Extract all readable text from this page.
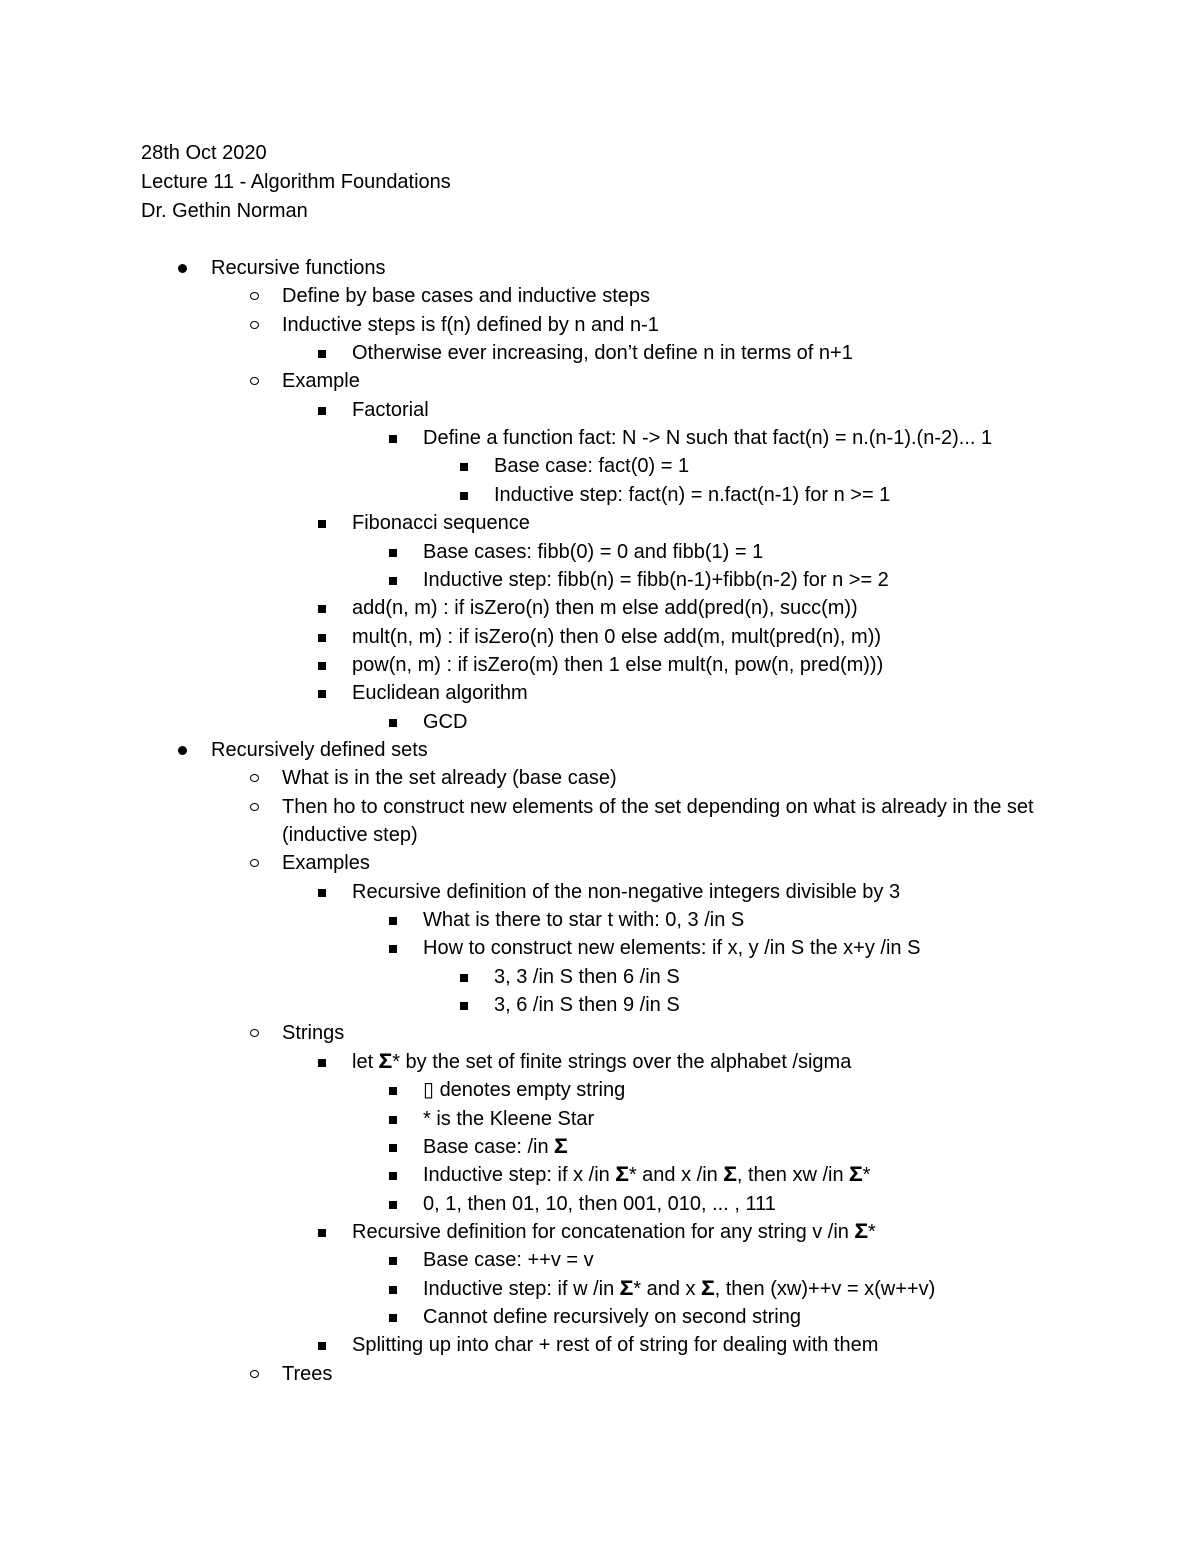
28th Oct 2020
Lecture 11 - Algorithm Foundations
Dr. Gethin Norman
Recursive functions
Define by base cases and inductive steps
Inductive steps is f(n) defined by n and n-1
Otherwise ever increasing, don’t define n in terms of n+1
Example
Factorial
Define a function fact: N -> N such that fact(n) = n.(n-1).(n-2)... 1
Base case: fact(0) = 1
Inductive step: fact(n) = n.fact(n-1) for n >= 1
Fibonacci sequence
Base cases: fibb(0) = 0 and fibb(1) = 1
Inductive step: fibb(n) = fibb(n-1)+fibb(n-2) for n >= 2
add(n, m) : if isZero(n) then m else add(pred(n), succ(m))
mult(n, m) : if isZero(n) then 0 else add(m, mult(pred(n), m))
pow(n, m) : if isZero(m) then 1 else mult(n, pow(n, pred(m)))
Euclidean algorithm
GCD
Recursively defined sets
What is in the set already (base case)
Then ho to construct new elements of the set depending on what is already in the set (inductive step)
Examples
Recursive definition of the non-negative integers divisible by 3
What is there to star t with: 0, 3 /in S
How to construct new elements: if x, y /in S the x+y /in S
3, 3 /in S then 6 /in S
3, 6 /in S then 9 /in S
Strings
let 𝚺* by the set of finite strings over the alphabet /sigma
▯ denotes empty string
* is the Kleene Star
Base case: /in 𝚺
Inductive step: if x /in 𝚺* and x /in 𝚺, then xw /in 𝚺*
0, 1, then 01, 10, then 001, 010, ... , 111
Recursive definition for concatenation for any string v /in 𝚺*
Base case: ++v = v
Inductive step: if w /in 𝚺* and x 𝚺, then (xw)++v = x(w++v)
Cannot define recursively on second string
Splitting up into char + rest of of string for dealing with them
Trees
